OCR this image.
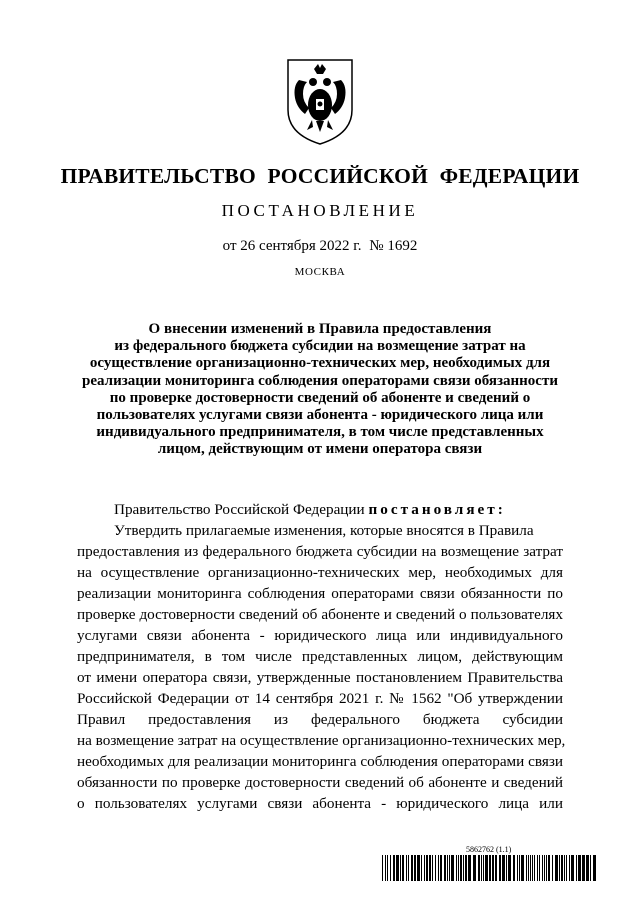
ПРАВИТЕЛЬСТВО РОССИЙСКОЙ ФЕДЕРАЦИИ
ПОСТАНОВЛЕНИЕ
от 26 сентября 2022 г. № 1692
МОСКВА
О внесении изменений в Правила предоставления
из федерального бюджета субсидии на возмещение затрат на
осуществление организационно-технических мер, необходимых для
реализации мониторинга соблюдения операторами связи обязанности
по проверке достоверности сведений об абоненте и сведений о
пользователях услугами связи абонента - юридического лица или
индивидуального предпринимателя, в том числе представленных
лицом, действующим от имени оператора связи
Правительство Российской Федерации постановляет:
Утвердить прилагаемые изменения, которые вносятся в Правила
предоставления из федерального бюджета субсидии на возмещение затрат
на осуществление организационно-технических мер, необходимых для
реализации мониторинга соблюдения операторами связи обязанности по
проверке достоверности сведений об абоненте и сведений о пользователях
услугами связи абонента - юридического лица или индивидуального
предпринимателя, в том числе представленных лицом, действующим
от имени оператора связи, утвержденные постановлением Правительства
Российской Федерации от 14 сентября 2021 г. № 1562 "Об утверждении
Правил предоставления из федерального бюджета субсидии
на возмещение затрат на осуществление организационно-технических мер,
необходимых для реализации мониторинга соблюдения операторами связи
обязанности по проверке достоверности сведений об абоненте и сведений
о пользователях услугами связи абонента - юридического лица или
5862762 (1.1)
